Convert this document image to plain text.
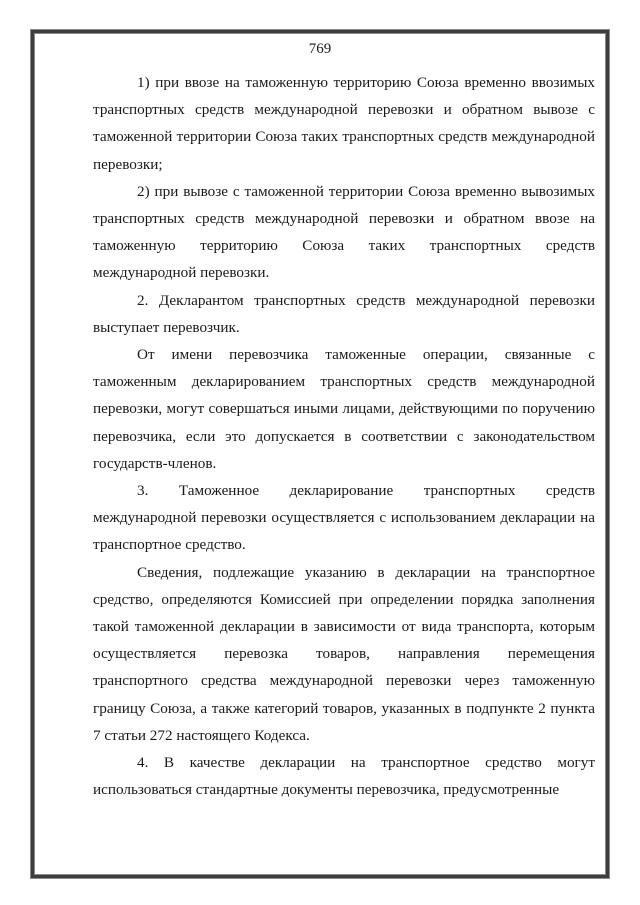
769

1) при ввозе на таможенную территорию Союза временно ввозимых транспортных средств международной перевозки и обратном вывозе с таможенной территории Союза таких транспортных средств международной перевозки;

2) при вывозе с таможенной территории Союза временно вывозимых транспортных средств международной перевозки и обратном ввозе на таможенную территорию Союза таких транспортных средств международной перевозки.

2. Декларантом транспортных средств международной перевозки выступает перевозчик.

От имени перевозчика таможенные операции, связанные с таможенным декларированием транспортных средств международной перевозки, могут совершаться иными лицами, действующими по поручению перевозчика, если это допускается в соответствии с законодательством государств-членов.

3. Таможенное декларирование транспортных средств международной перевозки осуществляется с использованием декларации на транспортное средство.

Сведения, подлежащие указанию в декларации на транспортное средство, определяются Комиссией при определении порядка заполнения такой таможенной декларации в зависимости от вида транспорта, которым осуществляется перевозка товаров, направления перемещения транспортного средства международной перевозки через таможенную границу Союза, а также категорий товаров, указанных в подпункте 2 пункта 7 статьи 272 настоящего Кодекса.

4. В качестве декларации на транспортное средство могут использоваться стандартные документы перевозчика, предусмотренные
